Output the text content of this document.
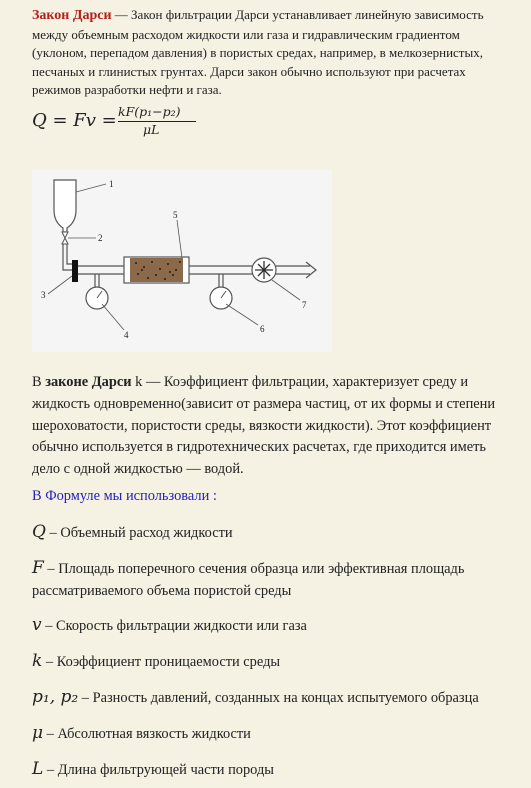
Закон Дарси — Закон фильтрации Дарси устанавливает линейную зависимость между объемным расходом жидкости или газа и гидравлическим градиентом (уклоном, перепадом давления) в пористых средах, например, в мелкозернистых, песчаных и глинистых грунтах. Дарси закон обычно используют при расчетах режимов разработки нефти и газа.
Q = Fv = kF(p₁−p₂)
μL
1
2
3
4
5
6
7
В законе Дарси k — Коэффициент фильтрации, характеризует среду и жидкость одновременно(зависит от размера частиц, от их формы и степени шероховатости, пористости среды, вязкости жидкости). Этот коэффициент обычно используется в гидротехнических расчетах, где приходится иметь дело с одной жидкостью — водой.
В Формуле мы использовали :
Q – Объемный расход жидкости
F – Площадь поперечного сечения образца или эффективная площадь рассматриваемого объема пористой среды
v – Скорость фильтрации жидкости или газа
k – Коэффициент проницаемости среды
p₁, p₂ – Разность давлений, созданных на концах испытуемого образца
μ – Абсолютная вязкость жидкости
L – Длина фильтрующей части породы
